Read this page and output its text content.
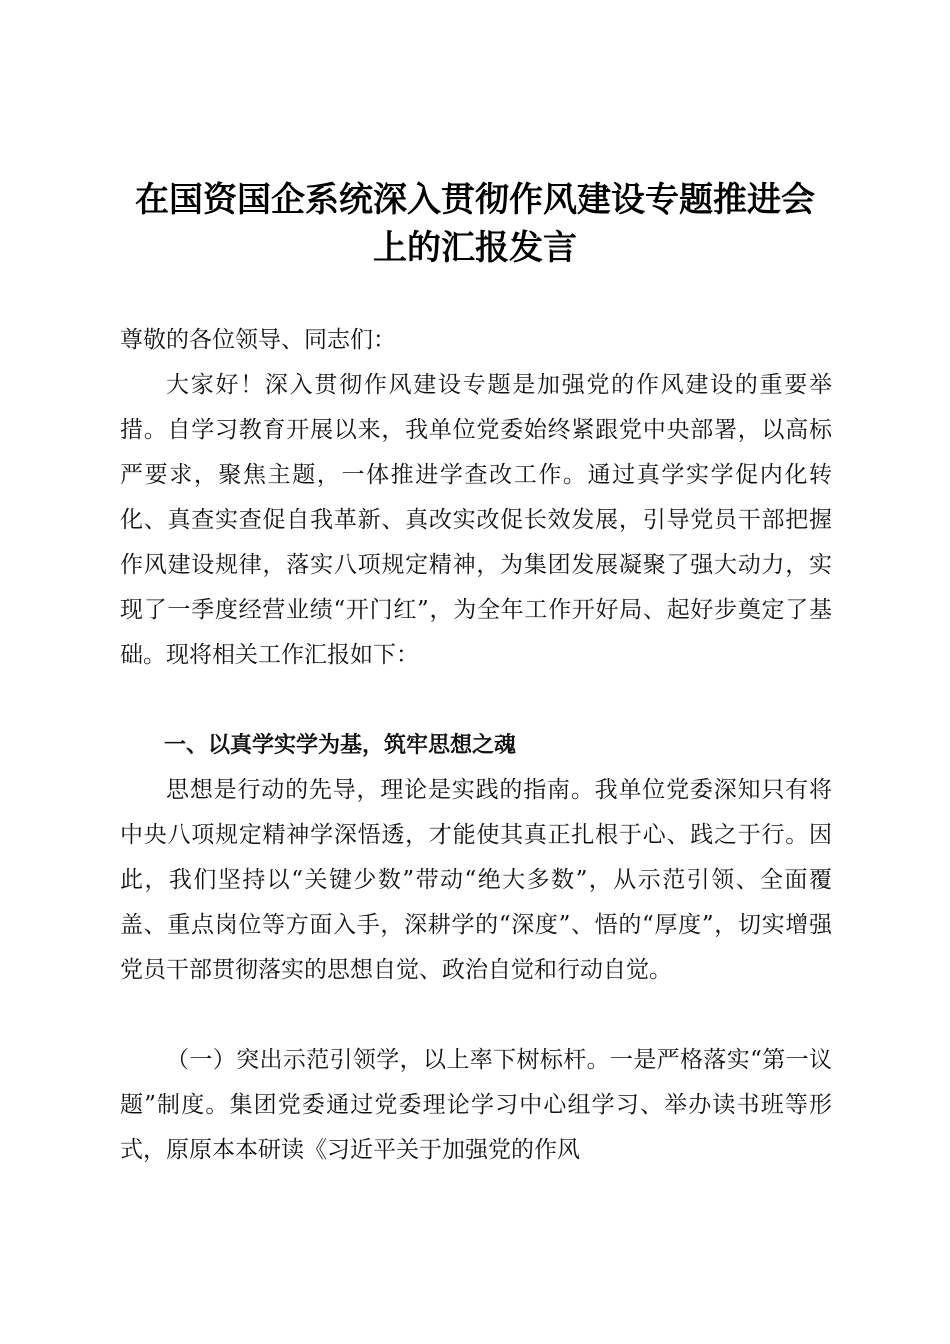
在国资国企系统深入贯彻作风建设专题推进会
上的汇报发言
尊敬的各位领导、同志们：
大家好！深入贯彻作风建设专题是加强党的作风建设的重要举措。自学习教育开展以来，我单位党委始终紧跟党中央部署，以高标严要求，聚焦主题，一体推进学查改工作。通过真学实学促内化转化、真查实查促自我革新、真改实改促长效发展，引导党员干部把握作风建设规律，落实八项规定精神，为集团发展凝聚了强大动力，实现了一季度经营业绩“开门红”，为全年工作开好局、起好步奠定了基础。现将相关工作汇报如下：
一、以真学实学为基，筑牢思想之魂
思想是行动的先导，理论是实践的指南。我单位党委深知只有将中央八项规定精神学深悟透，才能使其真正扎根于心、践之于行。因此，我们坚持以“关键少数”带动“绝大多数”，从示范引领、全面覆盖、重点岗位等方面入手，深耕学的“深度”、悟的“厚度”，切实增强党员干部贯彻落实的思想自觉、政治自觉和行动自觉。
（一）突出示范引领学，以上率下树标杆。一是严格落实“第一议题”制度。集团党委通过党委理论学习中心组学习、举办读书班等形式，原原本本研读《习近平关于加强党的作风
